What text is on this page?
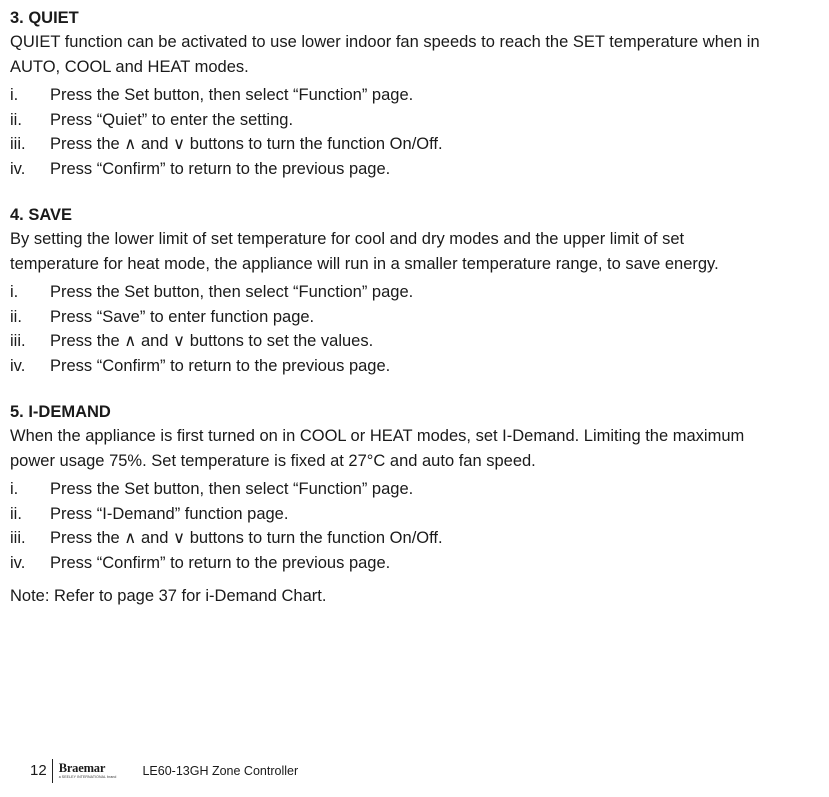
3. QUIET

QUIET function can be activated to use lower indoor fan speeds to reach the SET temperature when in
AUTO, COOL and HEAT modes.

i.	Press the Set button, then select “Function” page.
ii.	Press “Quiet” to enter the setting.
iii.	Press the ∧ and ∨ buttons to turn the function On/Off.
iv.	Press “Confirm” to return to the previous page.
4. SAVE

By setting the lower limit of set temperature for cool and dry modes and the upper limit of set
temperature for heat mode, the appliance will run in a smaller temperature range, to save energy.

i.	Press the Set button, then select “Function” page.
ii.	Press “Save” to enter function page.
iii.	Press the ∧ and ∨ buttons to set the values.
iv.	Press “Confirm” to return to the previous page.
5. I-DEMAND

When the appliance is first turned on in COOL or HEAT modes, set I-Demand. Limiting the maximum
power usage 75%. Set temperature is fixed at 27°C and auto fan speed.

i.	Press the Set button, then select “Function” page.
ii.	Press “I-Demand” function page.
iii.	Press the ∧ and ∨ buttons to turn the function On/Off.
iv.	Press “Confirm” to return to the previous page.
Note: Refer to page 37 for i-Demand Chart.
12 Braemar
a SEELEY INTERNATIONAL brand LE60-13GH Zone Controller
